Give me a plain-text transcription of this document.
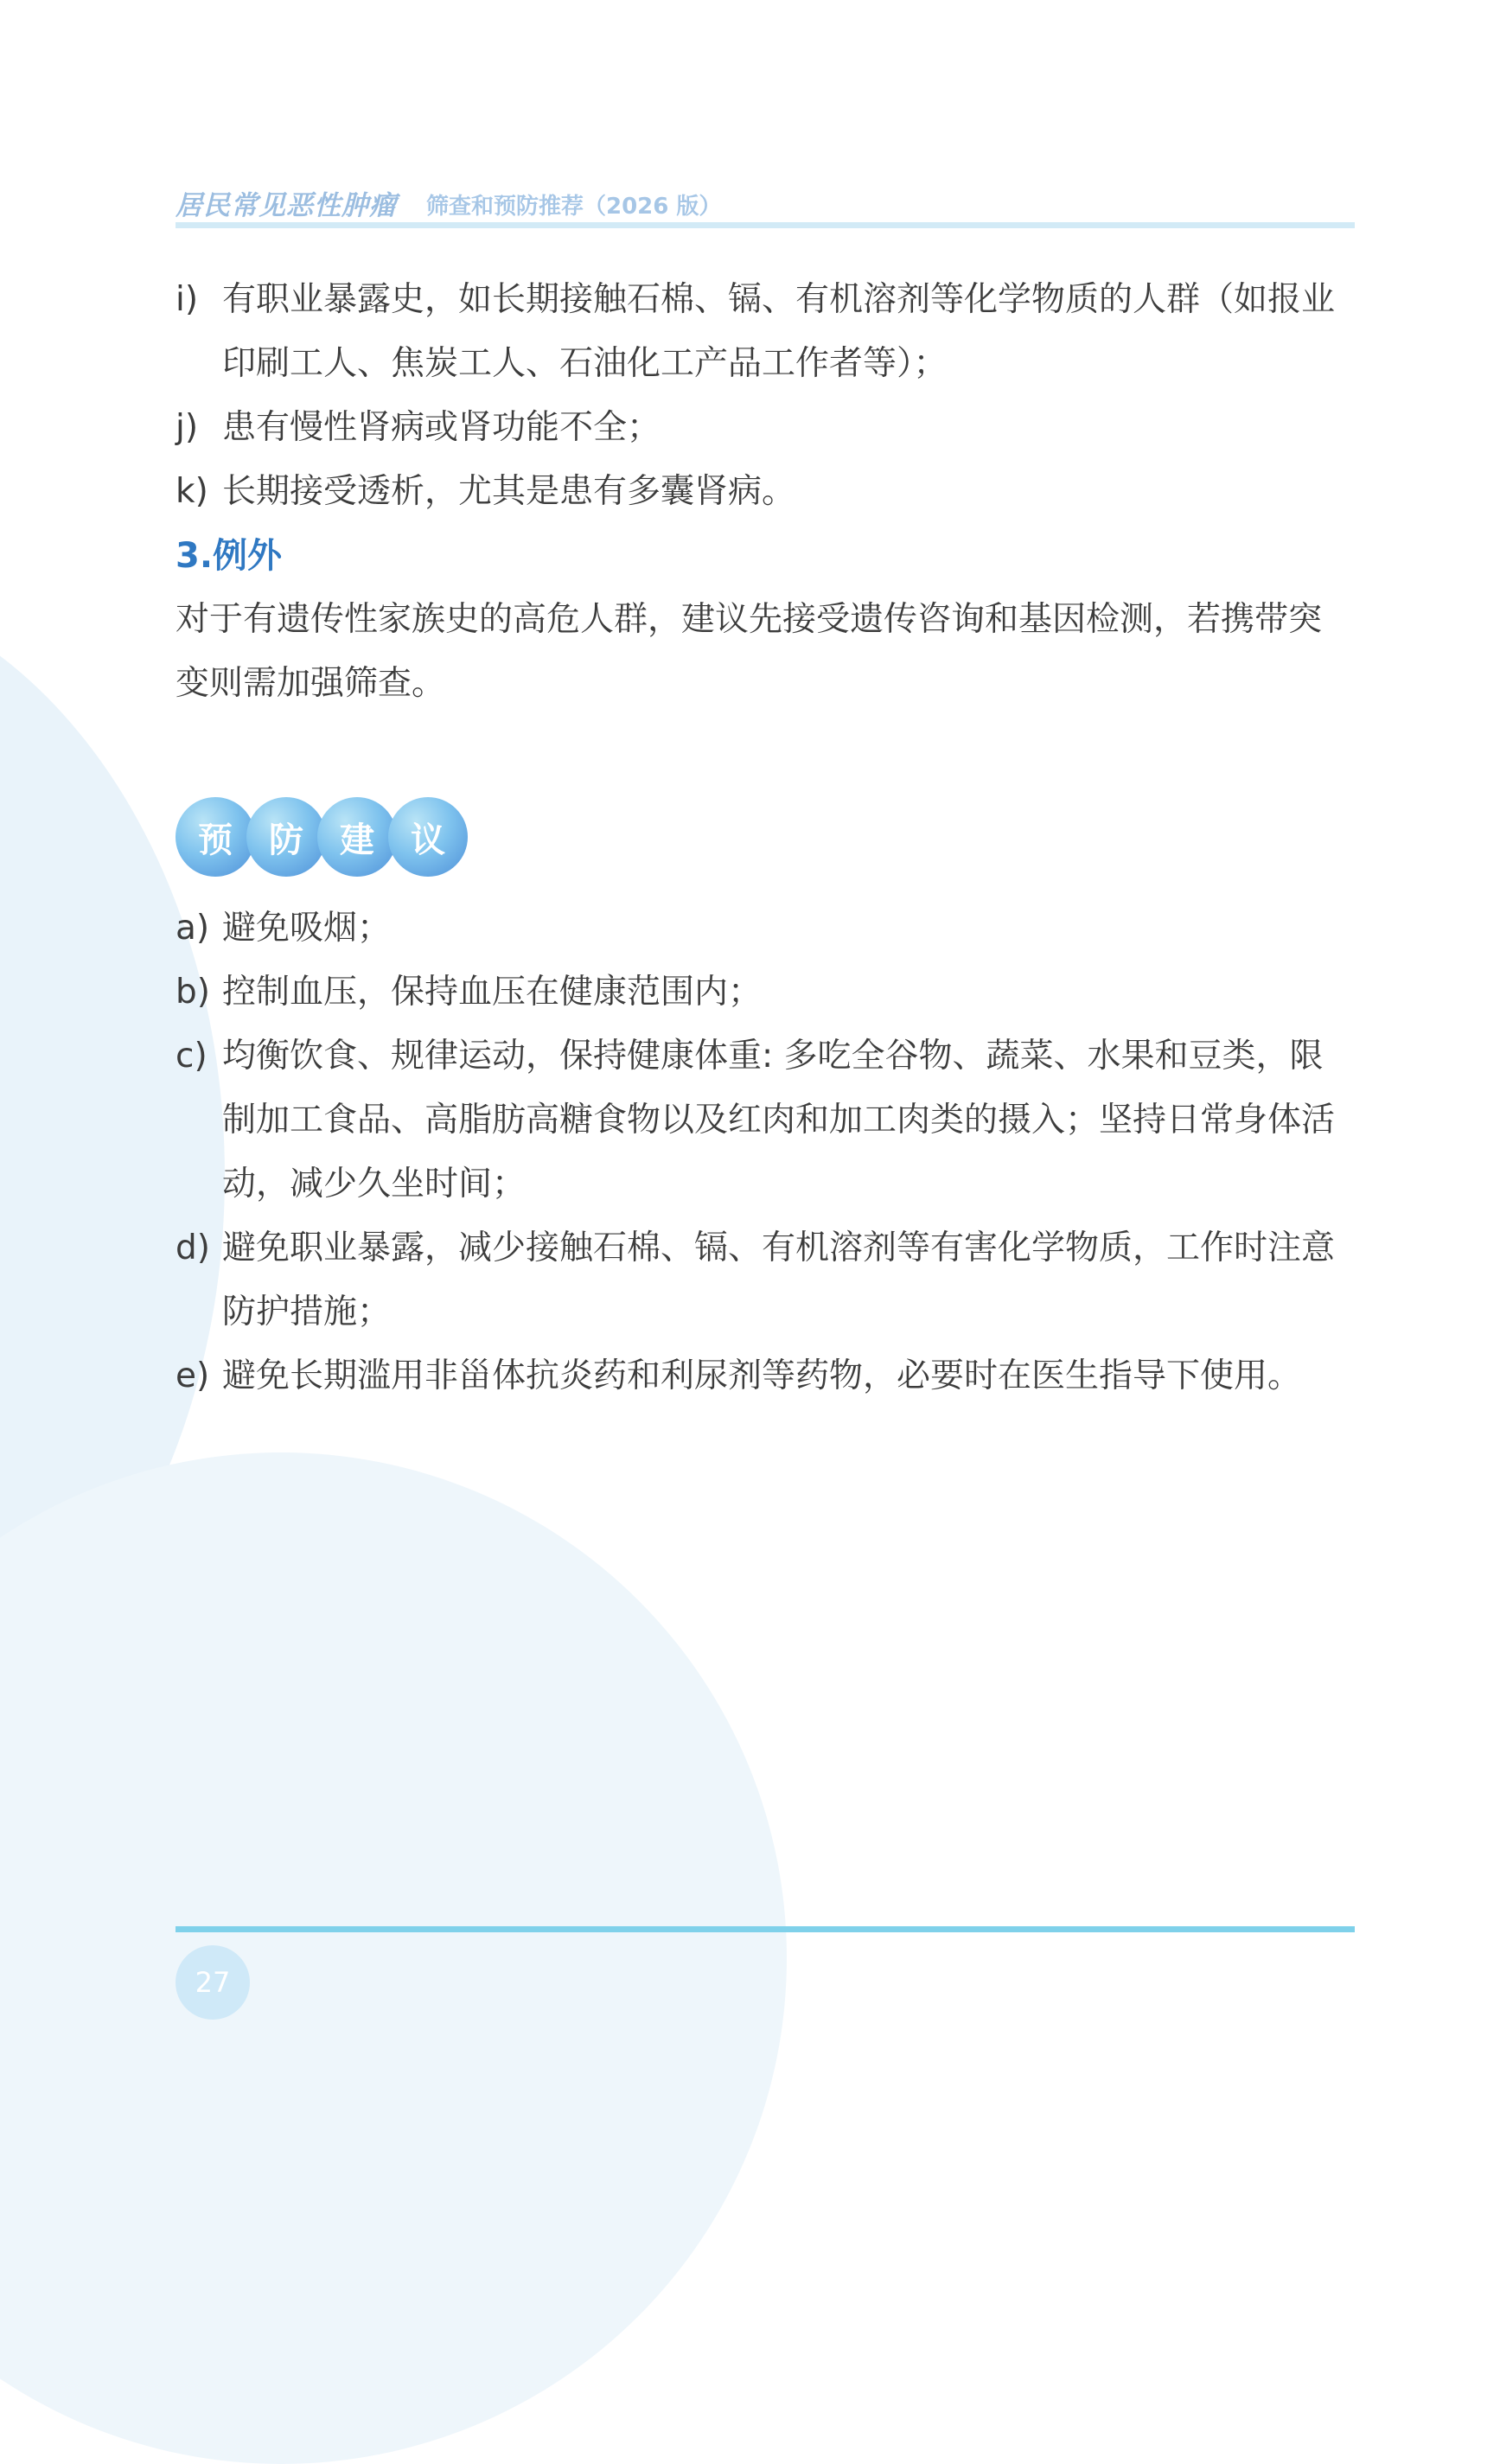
居民常见恶性肿瘤 筛查和预防推荐（2026 版）
i) 有职业暴露史，如长期接触石棉、镉、有机溶剂等化学物质的人群（如报业印刷工人、焦炭工人、石油化工产品工作者等）；
j) 患有慢性肾病或肾功能不全；
k) 长期接受透析，尤其是患有多囊肾病。
3.例外
对于有遗传性家族史的高危人群，建议先接受遗传咨询和基因检测，若携带突变则需加强筛查。
预	防	建	议
a) 避免吸烟；
b) 控制血压，保持血压在健康范围内；
c) 均衡饮食、规律运动，保持健康体重: 多吃全谷物、蔬菜、水果和豆类，限制加工食品、高脂肪高糖食物以及红肉和加工肉类的摄入；坚持日常身体活动，减少久坐时间；
d) 避免职业暴露，减少接触石棉、镉、有机溶剂等有害化学物质，工作时注意防护措施；
e) 避免长期滥用非甾体抗炎药和利尿剂等药物，必要时在医生指导下使用。
27
